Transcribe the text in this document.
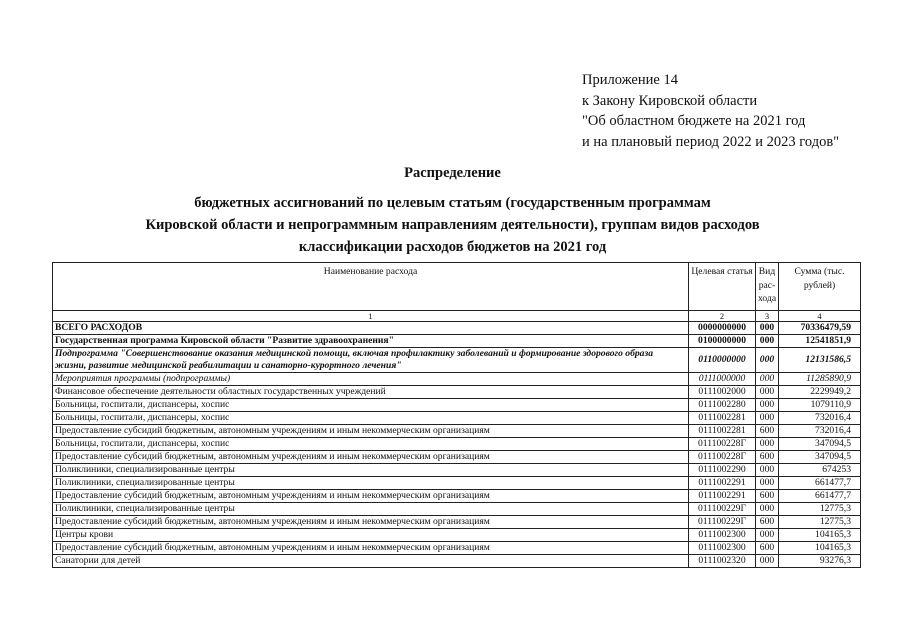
Приложение 14
к Закону Кировской области
"Об областном бюджете на 2021 год
и на плановый период 2022 и 2023 годов"
Распределение
бюджетных ассигнований по целевым статьям (государственным программам
Кировской области и непрограммным направлениям деятельности), группам видов расходов
классификации расходов бюджетов на 2021 год
Наименование расхода	Целевая статья	Вид рас-хода	Сумма (тыс. рублей)
1	2	3	4
ВСЕГО РАСХОДОВ	0000000000	000	70336479,59
Государственная программа Кировской области "Развитие здравоохранения"	0100000000	000	12541851,9
Подпрограмма "Совершенствование оказания медицинской помощи, включая профилактику заболеваний и формирование здорового образа жизни, развитие медицинской реабилитации и санаторно-курортного лечения"	0110000000	000	12131586,5
Мероприятия программы (подпрограммы)	0111000000	000	11285890,9
Финансовое обеспечение деятельности областных государственных учреждений	0111002000	000	2229949,2
Больницы, госпитали, диспансеры, хоспис	0111002280	000	1079110,9
Больницы, госпитали, диспансеры, хоспис	0111002281	000	732016,4
Предоставление субсидий бюджетным, автономным учреждениям и иным некоммерческим организациям	0111002281	600	732016,4
Больницы, госпитали, диспансеры, хоспис	011100228Г	000	347094,5
Предоставление субсидий бюджетным, автономным учреждениям и иным некоммерческим организациям	011100228Г	600	347094,5
Поликлиники, специализированные центры	0111002290	000	674253
Поликлиники, специализированные центры	0111002291	000	661477,7
Предоставление субсидий бюджетным, автономным учреждениям и иным некоммерческим организациям	0111002291	600	661477,7
Поликлиники, специализированные центры	011100229Г	000	12775,3
Предоставление субсидий бюджетным, автономным учреждениям и иным некоммерческим организациям	011100229Г	600	12775,3
Центры крови	0111002300	000	104165,3
Предоставление субсидий бюджетным, автономным учреждениям и иным некоммерческим организациям	0111002300	600	104165,3
Санатории для детей	0111002320	000	93276,3
